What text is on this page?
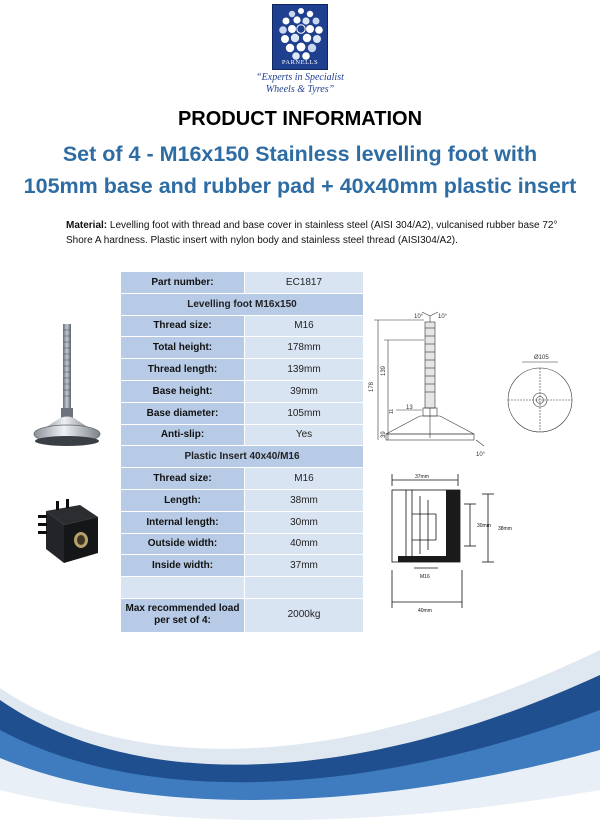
PARNELLS
“Experts in Specialist
Wheels & Tyres”
PRODUCT INFORMATION
Set of 4 - M16x150 Stainless levelling foot with
105mm base and rubber pad + 40x40mm plastic insert
Material: Levelling foot with thread and base cover in stainless steel (AISI 304/A2), vulcanised rubber base 72° Shore A hardness. Plastic insert with nylon body and stainless steel thread (AISI304/A2).
Part number:	EC1817
Levelling foot M16x150	
Thread size:	M16
Total height:	178mm
Thread length:	139mm
Base height:	39mm
Base diameter:	105mm
Anti-slip:	Yes
Plastic Insert 40x40/M16	
Thread size:	M16
Length:	38mm
Internal length:	30mm
Outside width:	40mm
Inside width:	37mm

Max recommended load
per set of 4:	2000kg
10° 10°
178
139
39
13
11
10°
Ø105
37mm
30mm 38mm
M16
40mm
